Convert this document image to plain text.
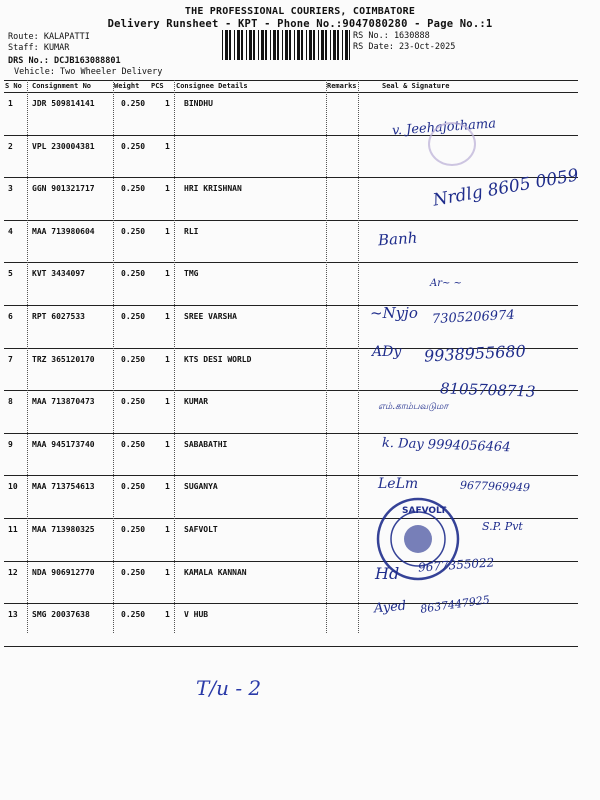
THE PROFESSIONAL COURIERS, COIMBATORE
Delivery Runsheet - KPT - Phone No.:9047080280 - Page No.:1
Route: KALAPATTI
Staff: KUMAR
DRS No.: DCJB163088801
Vehicle: Two Wheeler Delivery
RS No.: 1630888
RS Date: 23-Oct-2025
S No Consignment No	Weight PCS Consignee Details	Remarks	Seal & Signature
1 JDR 509814141	0.250 1 BINDHU
2 VPL 230004381	0.250 1
3 GGN 901321717	0.250 1 HRI KRISHNAN
4 MAA 713980604	0.250 1 RLI
5 KVT 3434097	0.250 1 TMG
6 RPT 6027533	0.250 1 SREE VARSHA
7 TRZ 365120170	0.250 1 KTS DESI WORLD
8 MAA 713870473	0.250 1 KUMAR
9 MAA 945173740	0.250 1 SABABATHI
10 MAA 713754613	0.250 1 SUGANYA
11 MAA 713980325	0.250 1 SAFVOLT
12 NDA 906912770	0.250 1 KAMALA KANNAN
13 SMG 20037638	0.250 1 V HUB
v. Jeehajothama
Nrdlg 8605 0059
Banh
Ar~ ~
~Nyjo 7305206974
ADy 9938955680
8105708713
எம்.காம்பவடுமா
k. Day 9994056464
LeLm	9677969949
SAFVOLT
S.P. Pvt
Hd 9677355022
Ayed 8637447925
T/u - 2
